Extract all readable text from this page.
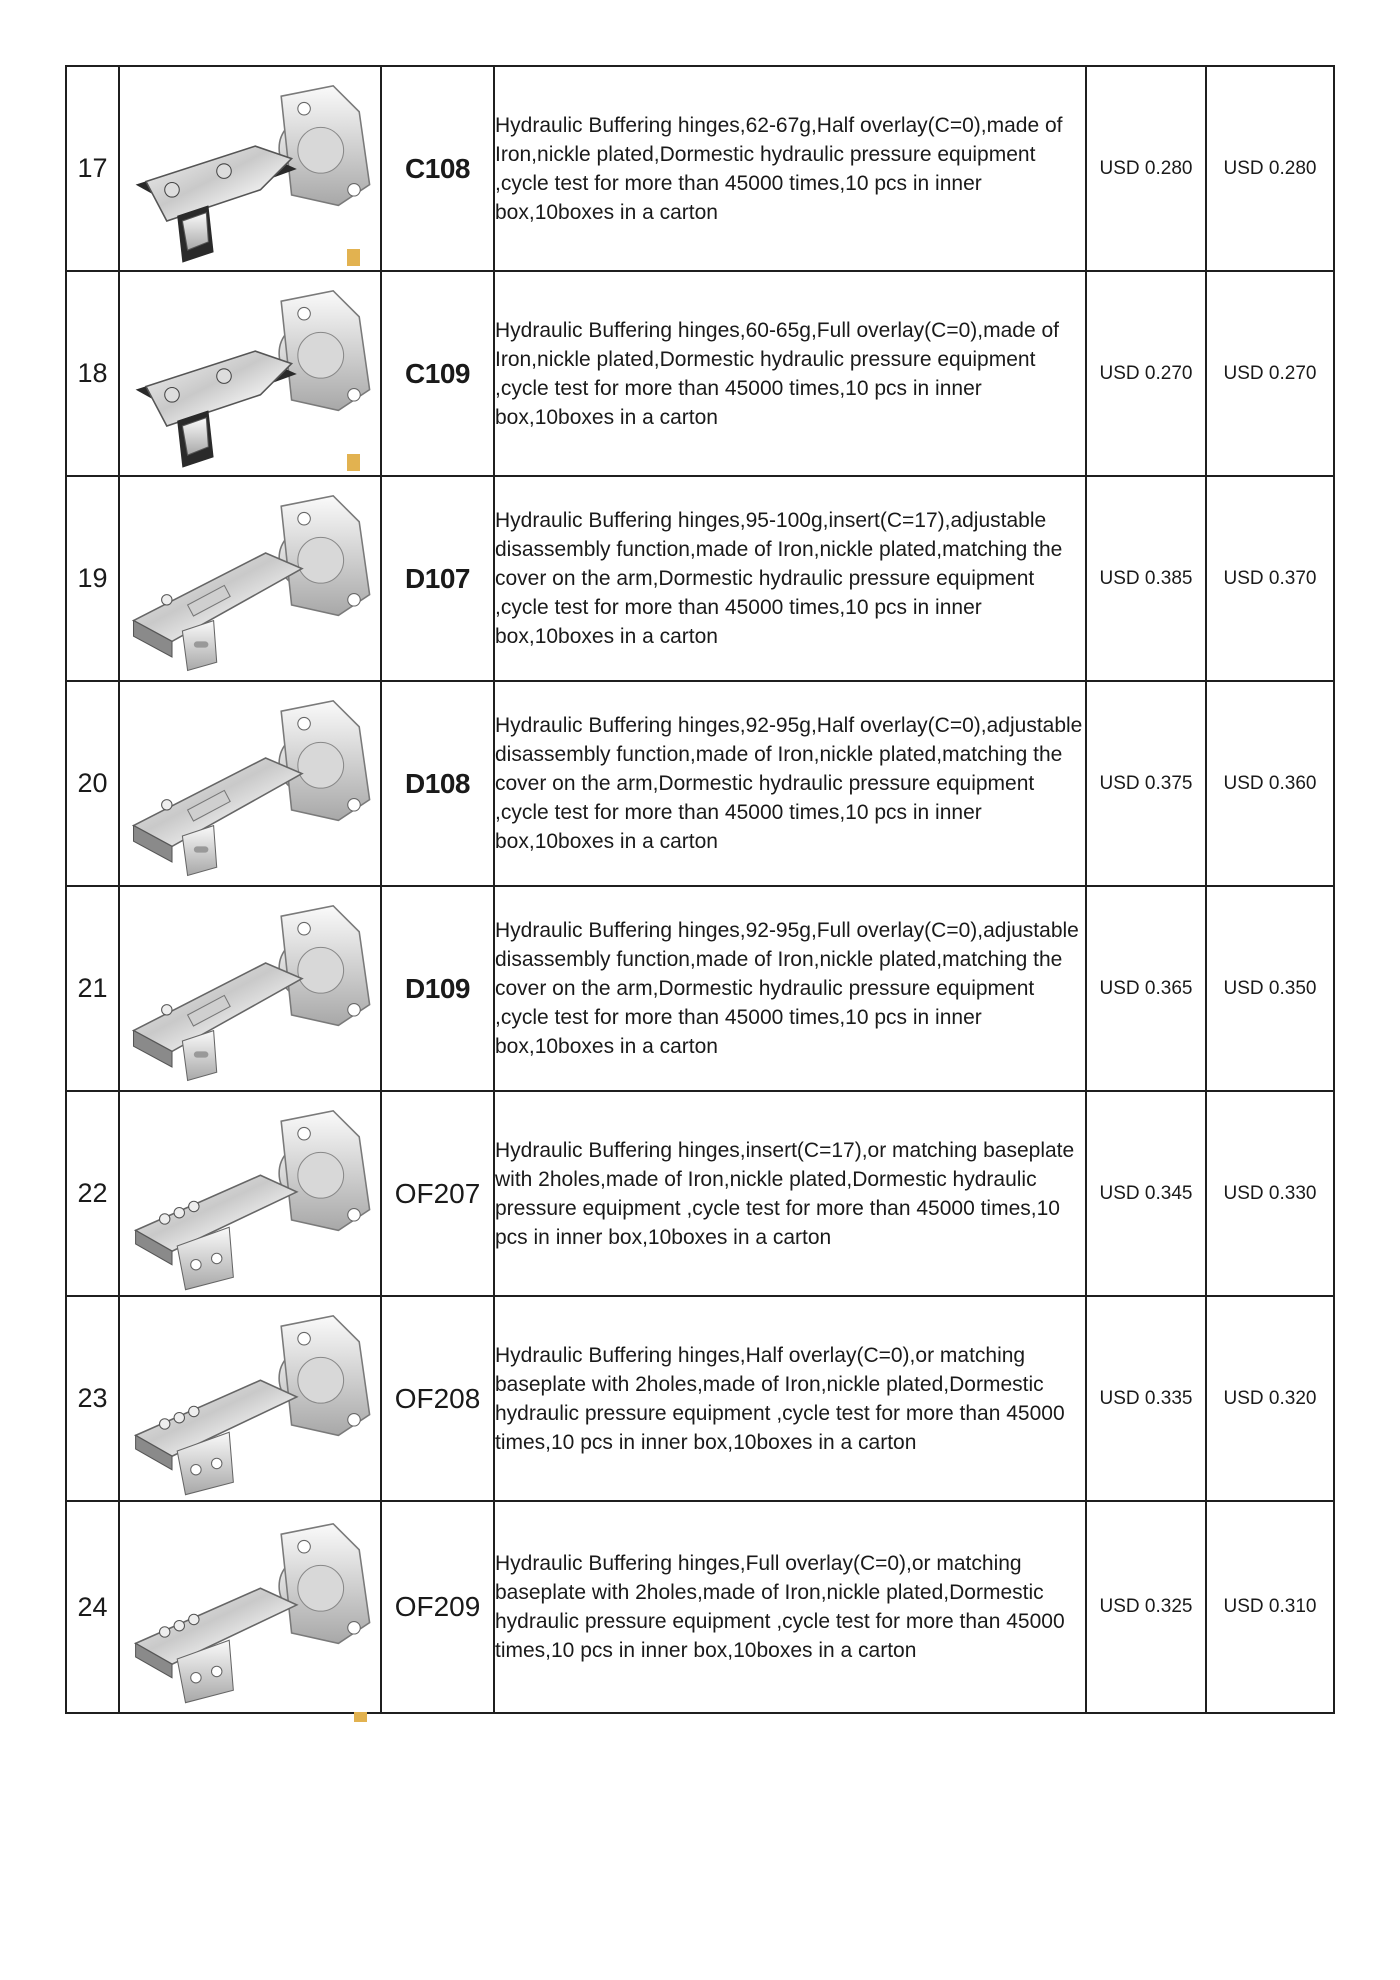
17		C108	Hydraulic Buffering hinges,62-67g,Half overlay(C=0),made of Iron,nickle plated,Dormestic hydraulic pressure equipment ,cycle test for more than 45000 times,10 pcs in inner box,10boxes in a carton	USD 0.280	USD 0.280
18		C109	Hydraulic Buffering hinges,60-65g,Full overlay(C=0),made of Iron,nickle plated,Dormestic hydraulic pressure equipment ,cycle test for more than 45000 times,10 pcs in inner box,10boxes in a carton	USD 0.270	USD 0.270
19		D107	Hydraulic Buffering hinges,95-100g,insert(C=17),adjustable disassembly function,made of Iron,nickle plated,matching the cover on the arm,Dormestic hydraulic pressure equipment ,cycle test for more than 45000 times,10 pcs in inner box,10boxes in a carton	USD 0.385	USD 0.370
20		D108	Hydraulic Buffering hinges,92-95g,Half overlay(C=0),adjustable disassembly function,made of Iron,nickle plated,matching the cover on the arm,Dormestic hydraulic pressure equipment ,cycle test for more than 45000 times,10 pcs in inner box,10boxes in a carton	USD 0.375	USD 0.360
21		D109	Hydraulic Buffering hinges,92-95g,Full overlay(C=0),adjustable disassembly function,made of Iron,nickle plated,matching the cover on the arm,Dormestic hydraulic pressure equipment ,cycle test for more than 45000 times,10 pcs in inner box,10boxes in a carton	USD 0.365	USD 0.350
22		OF207	Hydraulic Buffering hinges,insert(C=17),or matching baseplate with 2holes,made of Iron,nickle plated,Dormestic hydraulic pressure equipment ,cycle test for more than 45000 times,10 pcs in inner box,10boxes in a carton	USD 0.345	USD 0.330
23		OF208	Hydraulic Buffering hinges,Half overlay(C=0),or matching baseplate with 2holes,made of Iron,nickle plated,Dormestic hydraulic pressure equipment ,cycle test for more than 45000 times,10 pcs in inner box,10boxes in a carton	USD 0.335	USD 0.320
24		OF209	Hydraulic Buffering hinges,Full overlay(C=0),or matching baseplate with 2holes,made of Iron,nickle plated,Dormestic hydraulic pressure equipment ,cycle test for more than 45000 times,10 pcs in inner box,10boxes in a carton	USD 0.325	USD 0.310
